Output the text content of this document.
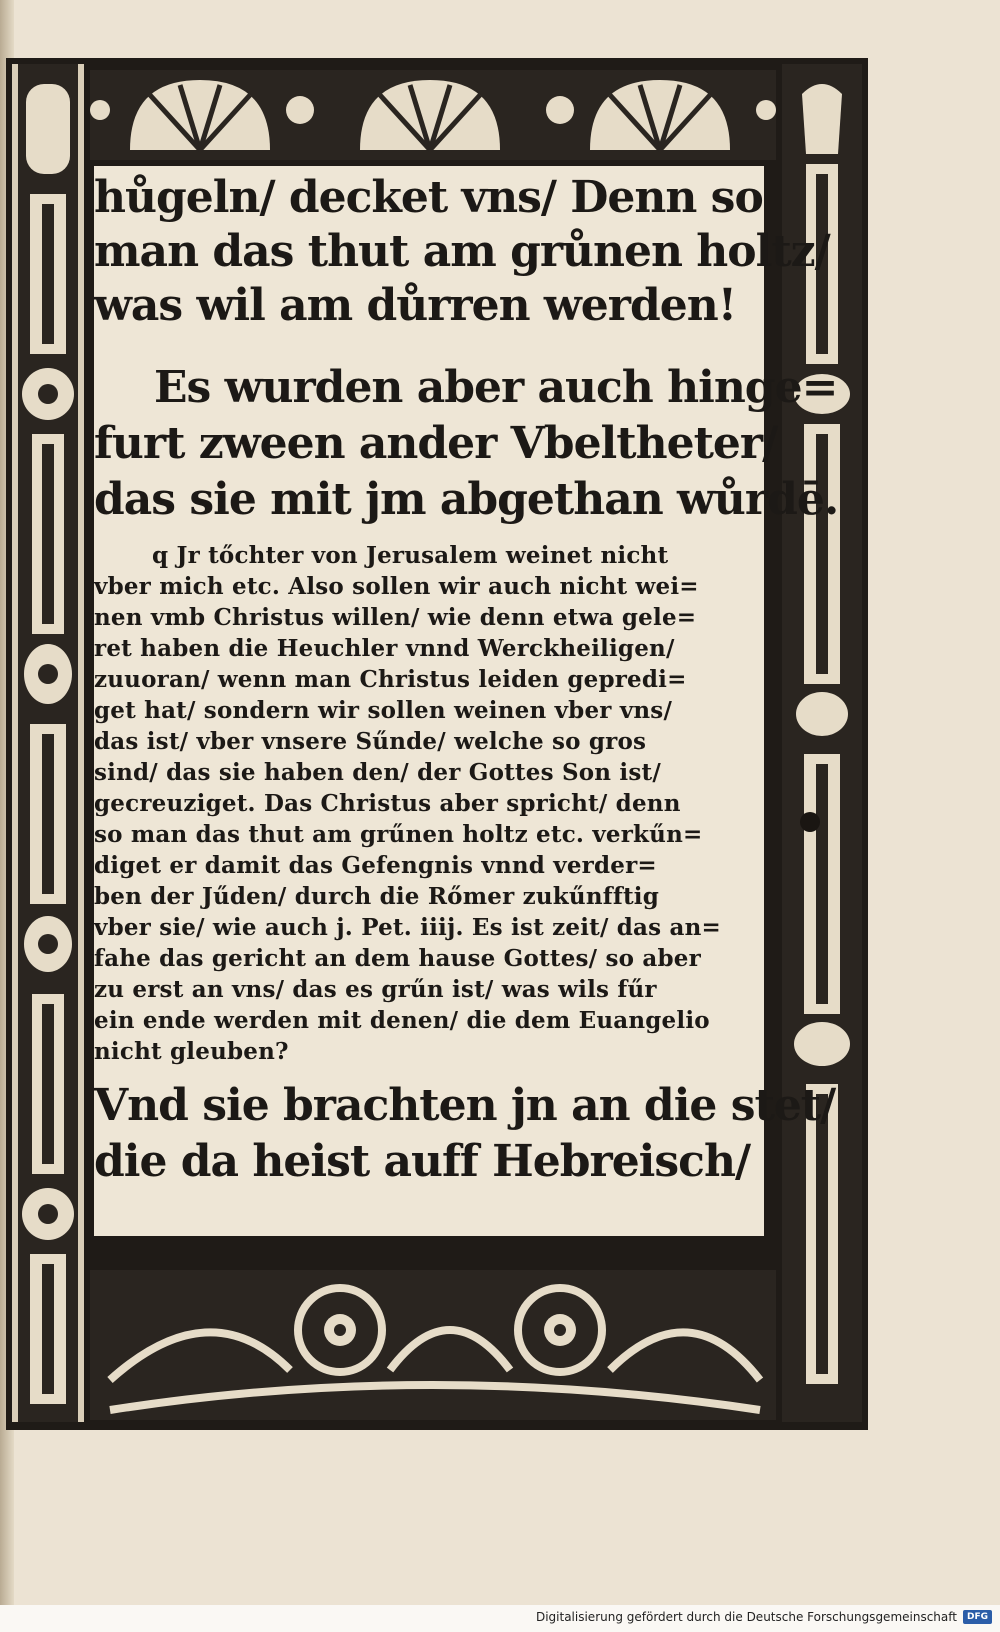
hůgeln/ decket vns/ Denn so
man das thut am grůnen holtz/
was wil am důrren werden!
Es wurden aber auch hinge=
furt zween ander Vbeltheter/
das sie mit jm abgethan wůrdē.
q Jr tőchter von Jerusalem weinet nicht
vber mich etc. Also sollen wir auch nicht wei=
nen vmb Christus willen/ wie denn etwa gele=
ret haben die Heuchler vnnd Werckheiligen/
zuuoran/ wenn man Christus leiden gepredi=
get hat/ sondern wir sollen weinen vber vns/
das ist/ vber vnsere Sűnde/ welche so gros
sind/ das sie haben den/ der Gottes Son ist/
gecreuziget. Das Christus aber spricht/ denn
so man das thut am grűnen holtz etc. verkűn=
diget er damit das Gefengnis vnnd verder=
ben der Jűden/ durch die Rőmer zukűnfftig
vber sie/ wie auch j. Pet. iiij. Es ist zeit/ das an=
fahe das gericht an dem hause Gottes/ so aber
zu erst an vns/ das es grűn ist/ was wils fűr
ein ende werden mit denen/ die dem Euangelio
nicht gleuben?
Vnd sie brachten jn an die stet/
die da heist auff Hebreisch/
Digitalisierung gefördert durch die Deutsche Forschungsgemeinschaft	DFG
